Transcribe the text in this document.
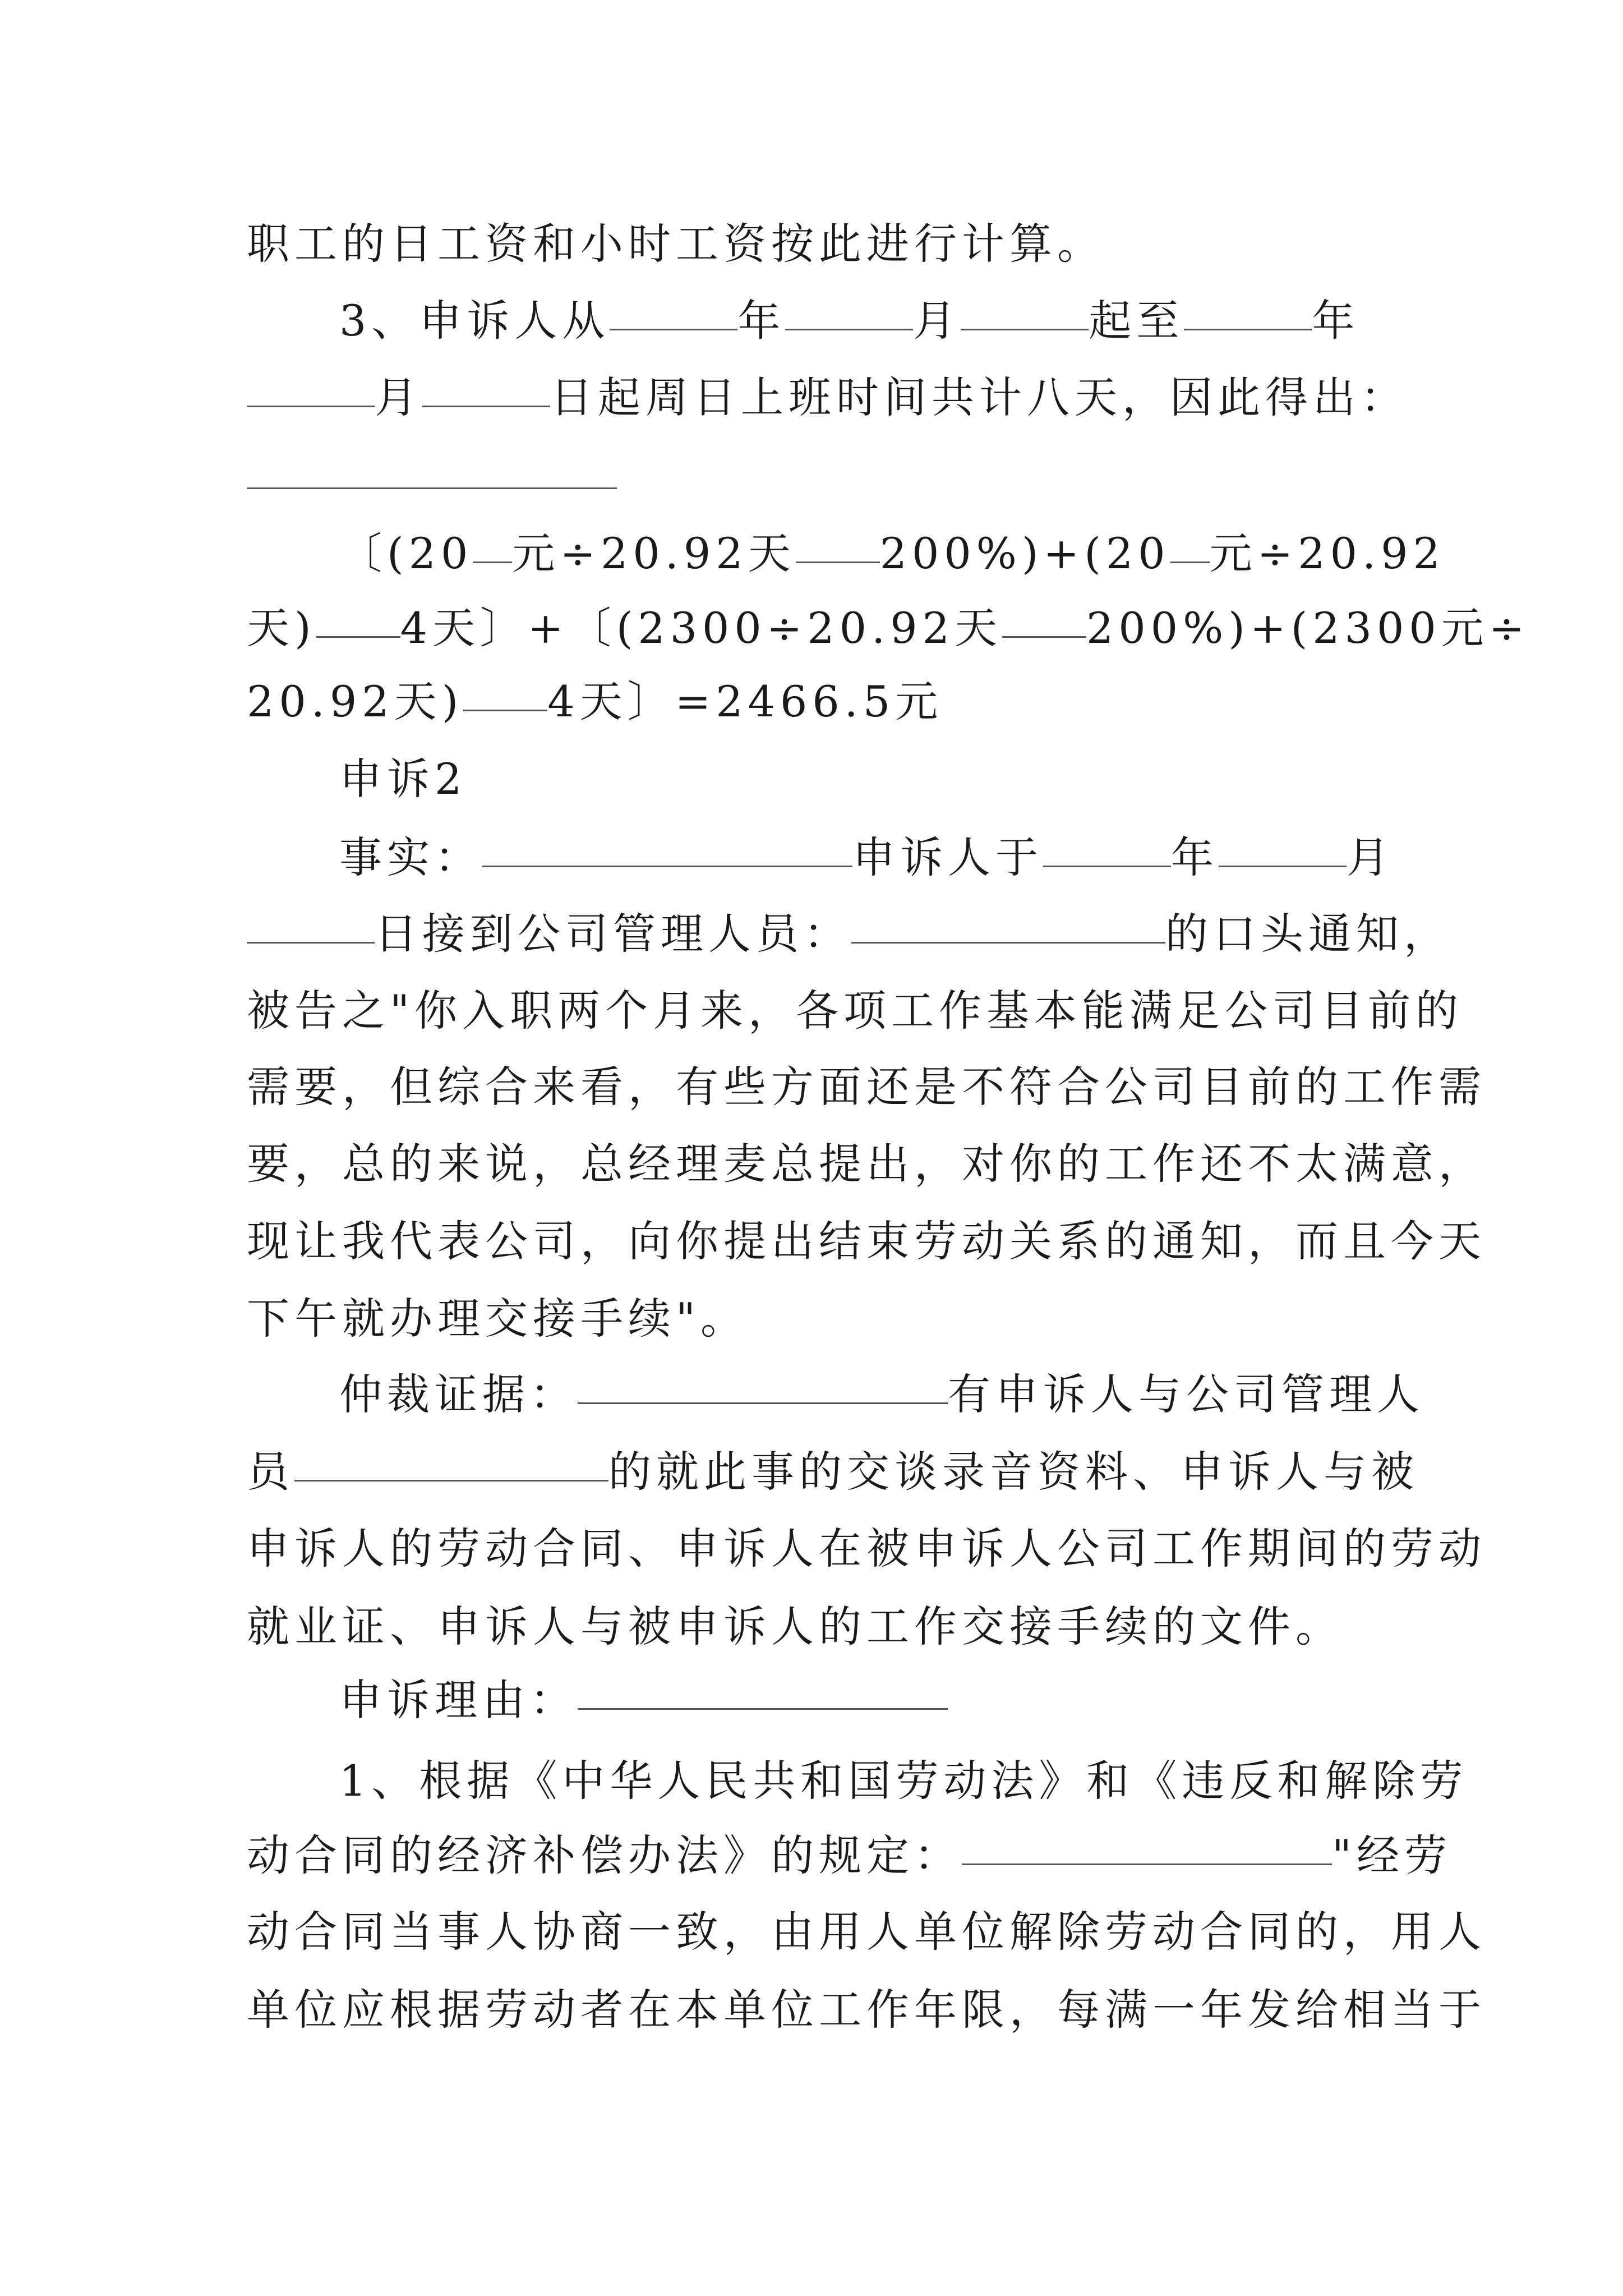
职工的日工资和小时工资按此进行计算。
3、申诉人从	年	月	起至	年
月	日起周日上班时间共计八天，因此得出：
〔(20 元÷20.92天 200%)+(20 元÷20.92
天) 4天〕+〔(2300÷20.92天 200%)+(2300元÷
20.92天) 4天〕=2466.5元
申诉2
事实：	申诉人于	年	月
日接到公司管理人员：	的口头通知，
被告之"你入职两个月来，各项工作基本能满足公司目前的
需要，但综合来看，有些方面还是不符合公司目前的工作需
要，总的来说，总经理麦总提出，对你的工作还不太满意，
现让我代表公司，向你提出结束劳动关系的通知，而且今天
下午就办理交接手续"。
仲裁证据：	有申诉人与公司管理人
员	的就此事的交谈录音资料、申诉人与被
申诉人的劳动合同、申诉人在被申诉人公司工作期间的劳动
就业证、申诉人与被申诉人的工作交接手续的文件。
申诉理由：
1、根据《中华人民共和国劳动法》和《违反和解除劳
动合同的经济补偿办法》的规定：	"经劳
动合同当事人协商一致，由用人单位解除劳动合同的，用人
单位应根据劳动者在本单位工作年限，每满一年发给相当于
